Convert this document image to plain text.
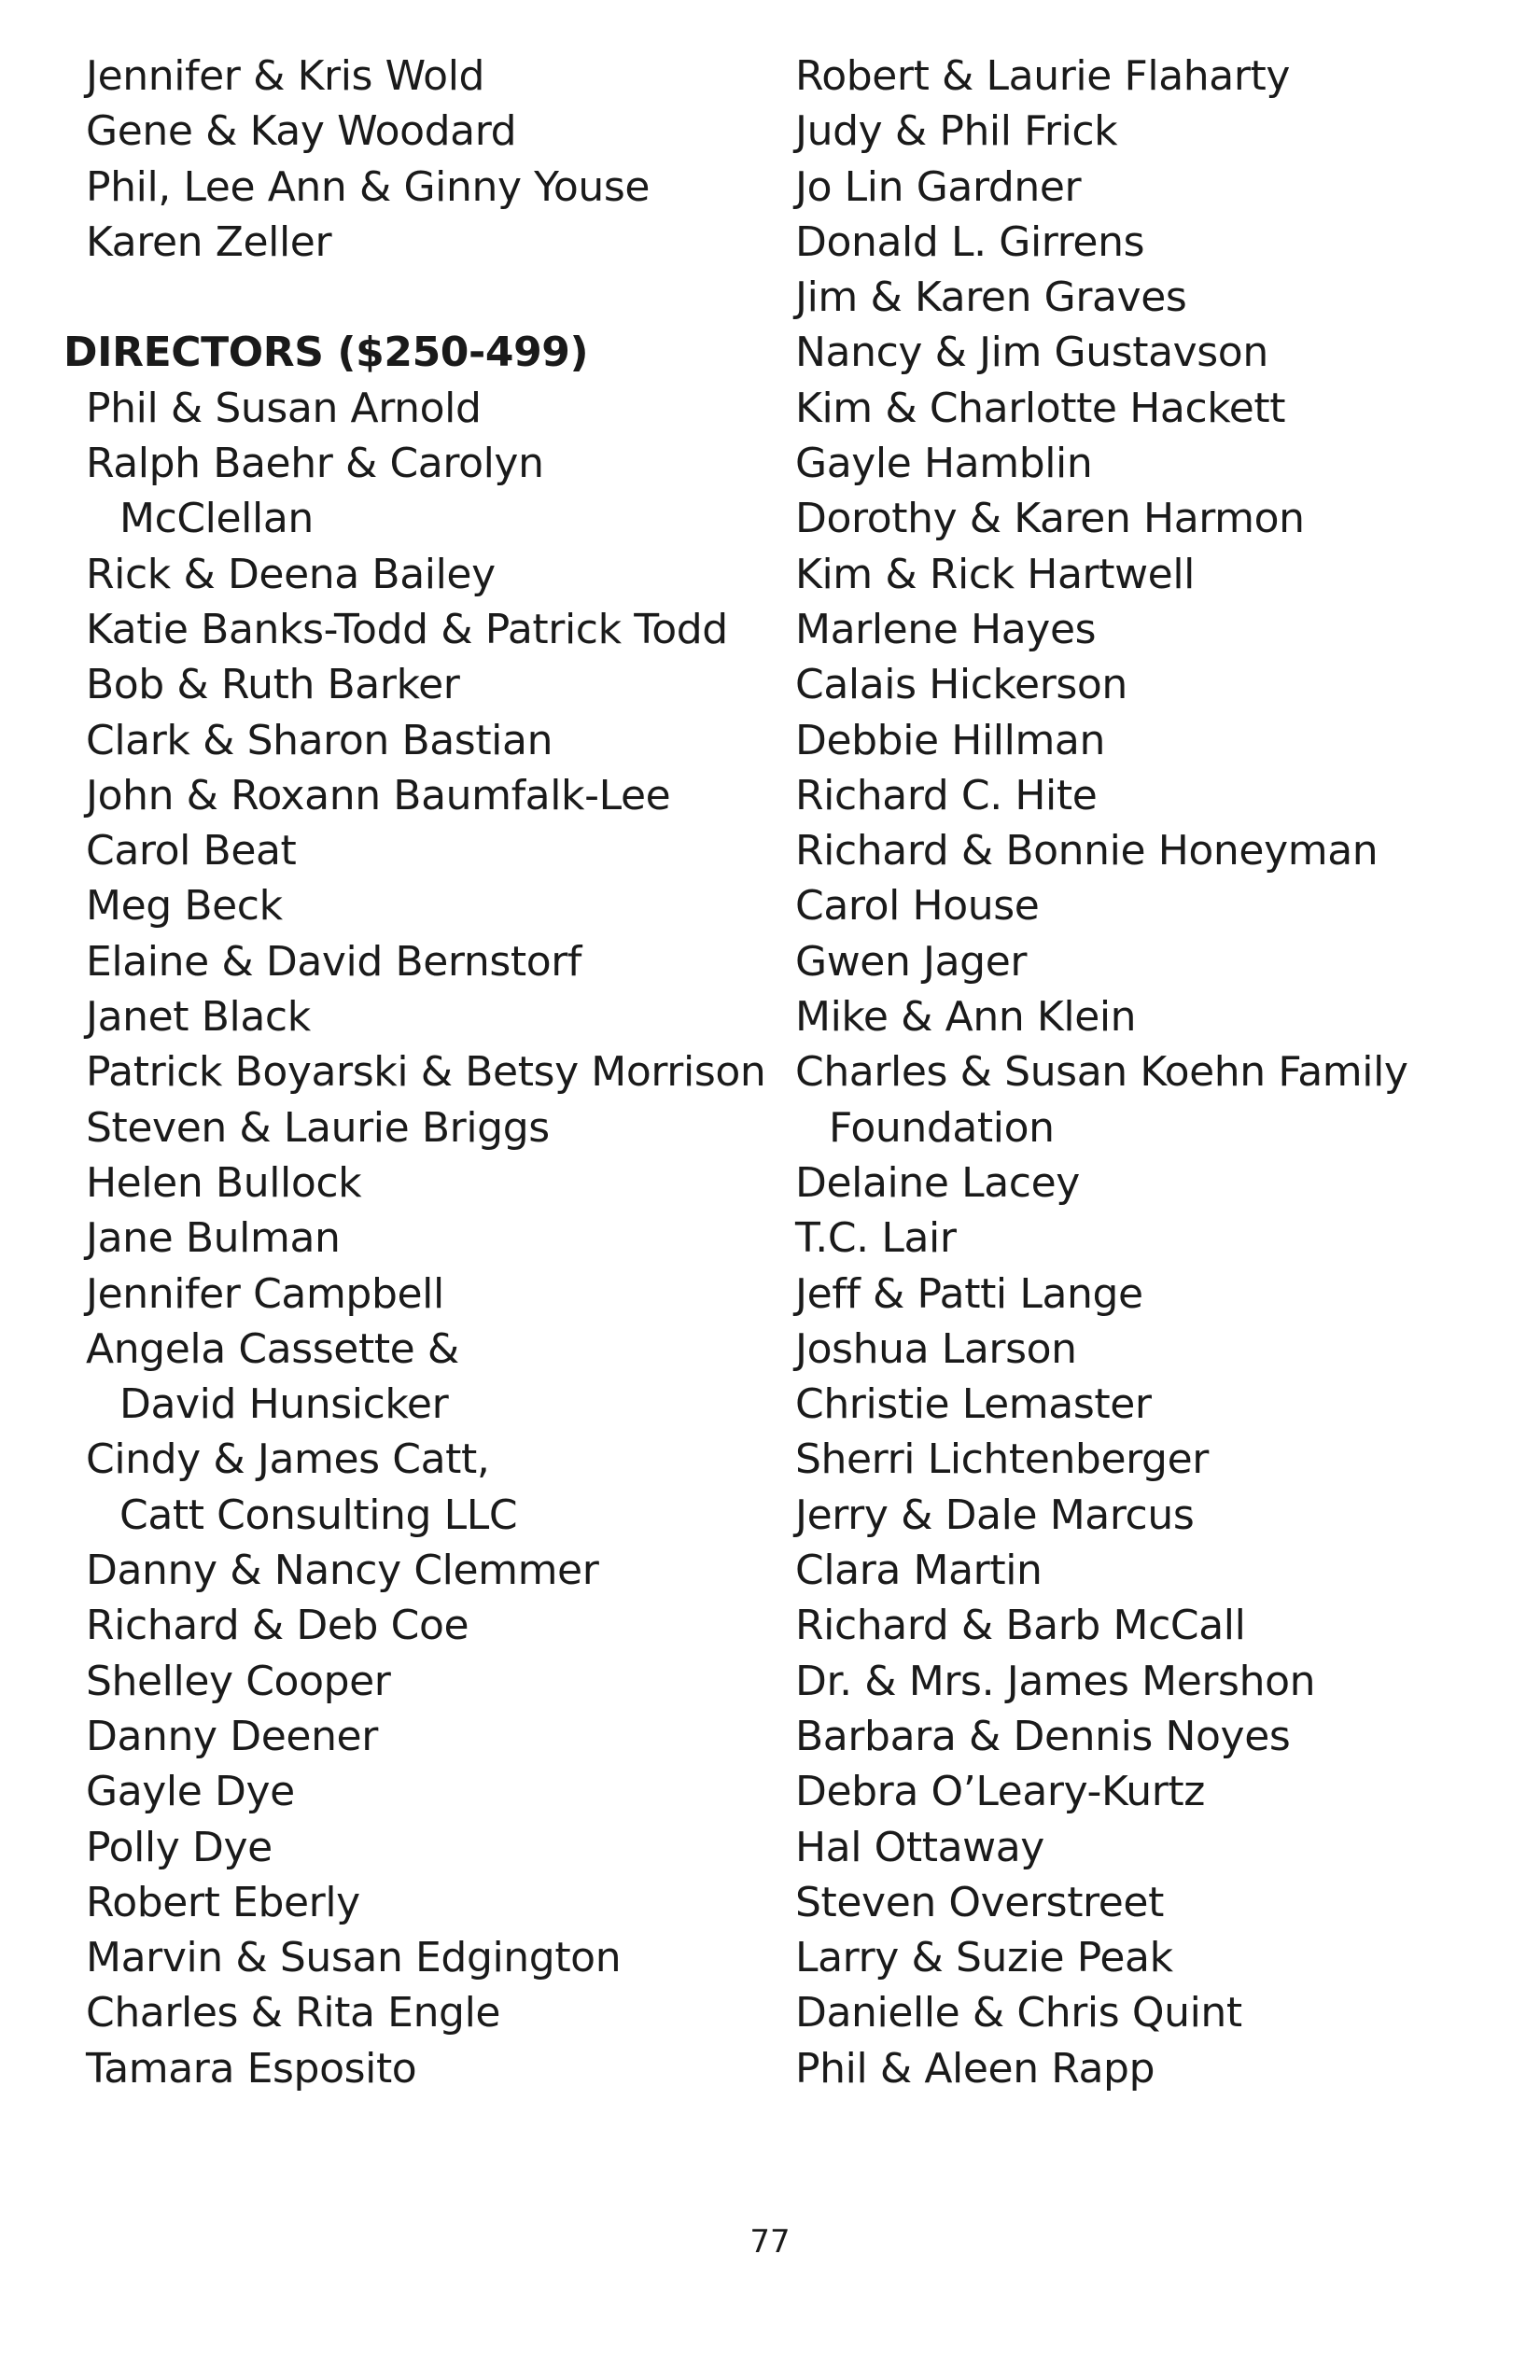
Jennifer & Kris Wold
Gene & Kay Woodard
Phil, Lee Ann & Ginny Youse
Karen Zeller
DIRECTORS ($250-499)
Phil & Susan Arnold
Ralph Baehr & Carolyn
McClellan
Rick & Deena Bailey
Katie Banks-Todd & Patrick Todd
Bob & Ruth Barker
Clark & Sharon Bastian
John & Roxann Baumfalk-Lee
Carol Beat
Meg Beck
Elaine & David Bernstorf
Janet Black
Patrick Boyarski & Betsy Morrison
Steven & Laurie Briggs
Helen Bullock
Jane Bulman
Jennifer Campbell
Angela Cassette &
David Hunsicker
Cindy & James Catt,
Catt Consulting LLC
Danny & Nancy Clemmer
Richard & Deb Coe
Shelley Cooper
Danny Deener
Gayle Dye
Polly Dye
Robert Eberly
Marvin & Susan Edgington
Charles & Rita Engle
Tamara Esposito
Robert & Laurie Flaharty
Judy & Phil Frick
Jo Lin Gardner
Donald L. Girrens
Jim & Karen Graves
Nancy & Jim Gustavson
Kim & Charlotte Hackett
Gayle Hamblin
Dorothy & Karen Harmon
Kim & Rick Hartwell
Marlene Hayes
Calais Hickerson
Debbie Hillman
Richard C. Hite
Richard & Bonnie Honeyman
Carol House
Gwen Jager
Mike & Ann Klein
Charles & Susan Koehn Family
Foundation
Delaine Lacey
T.C. Lair
Jeff & Patti Lange
Joshua Larson
Christie Lemaster
Sherri Lichtenberger
Jerry & Dale Marcus
Clara Martin
Richard & Barb McCall
Dr. & Mrs. James Mershon
Barbara & Dennis Noyes
Debra O’Leary-Kurtz
Hal Ottaway
Steven Overstreet
Larry & Suzie Peak
Danielle & Chris Quint
Phil & Aleen Rapp
77
